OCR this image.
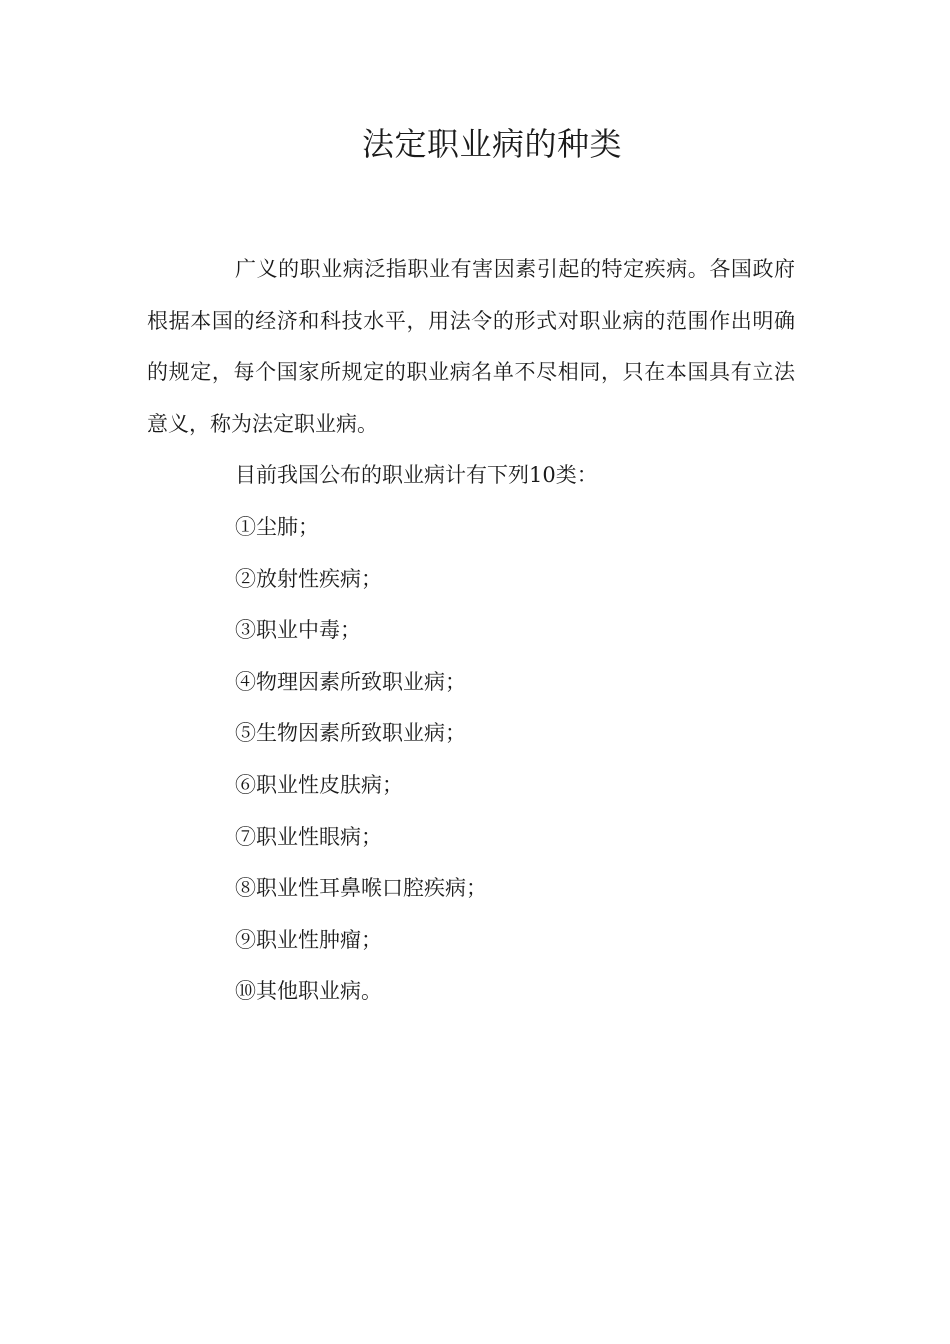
法定职业病的种类

广义的职业病泛指职业有害因素引起的特定疾病。各国政府根据本国的经济和科技水平，用法令的形式对职业病的范围作出明确的规定，每个国家所规定的职业病名单不尽相同，只在本国具有立法意义，称为法定职业病。

目前我国公布的职业病计有下列10类：

①尘肺；
②放射性疾病；
③职业中毒；
④物理因素所致职业病；
⑤生物因素所致职业病；
⑥职业性皮肤病；
⑦职业性眼病；
⑧职业性耳鼻喉口腔疾病；
⑨职业性肿瘤；
⑩其他职业病。
